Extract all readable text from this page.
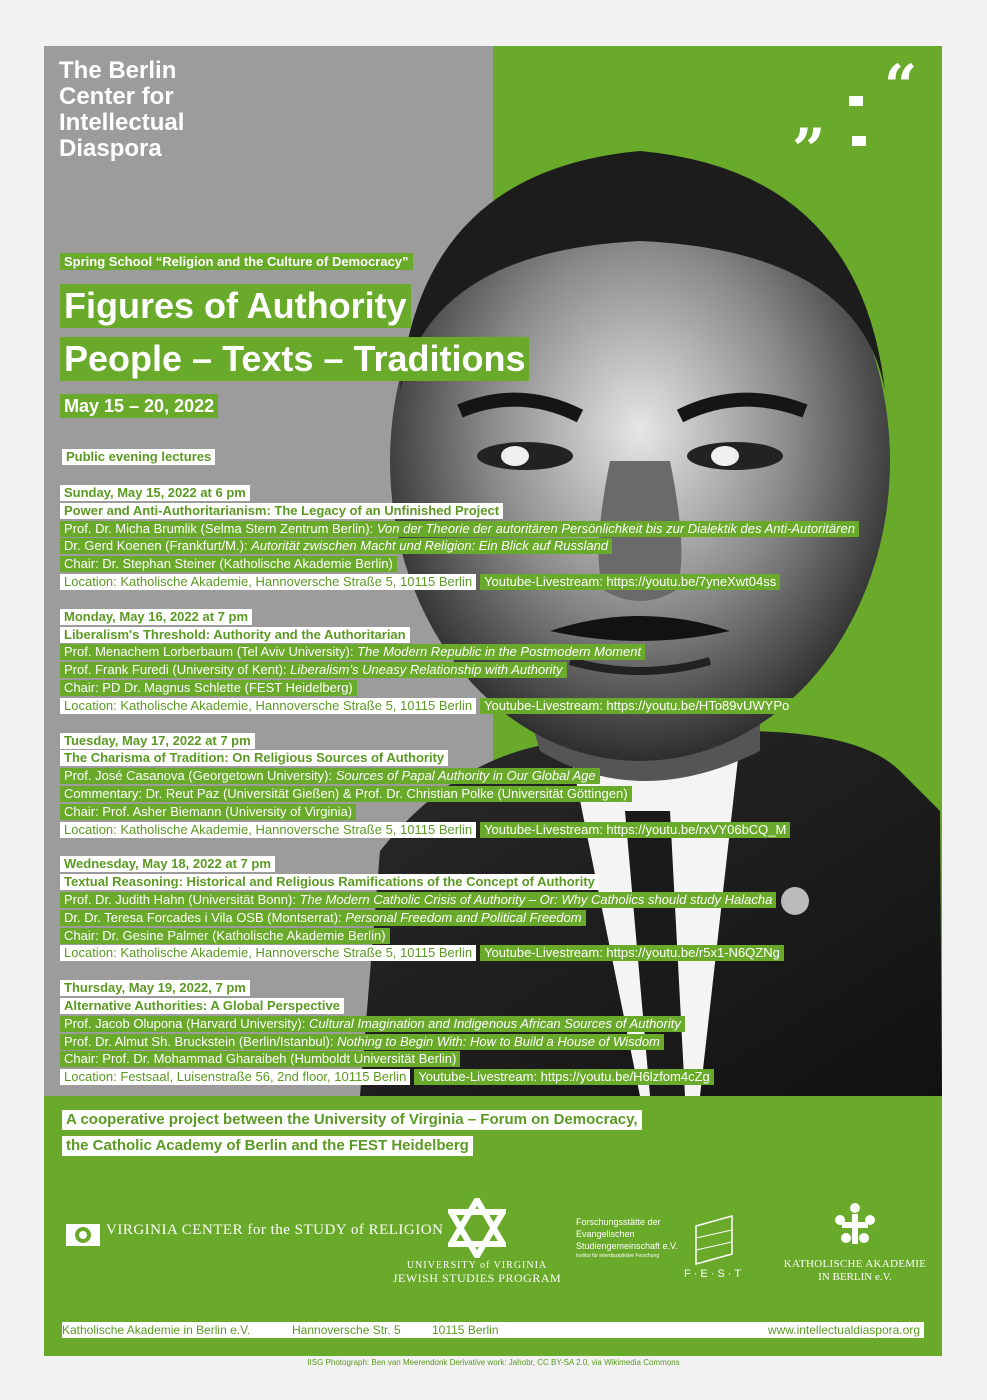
The Berlin Center for Intellectual Diaspora
“
”
Spring School “Religion and the Culture of Democracy”
Figures of Authority
People – Texts – Traditions
May 15 – 20, 2022
Public evening lectures
Sunday, May 15, 2022 at 6 pm
Power and Anti-Authoritarianism: The Legacy of an Unfinished Project
Prof. Dr. Micha Brumlik (Selma Stern Zentrum Berlin): Von der Theorie der autoritären Persönlichkeit bis zur Dialektik des Anti-Autoritären
Dr. Gerd Koenen (Frankfurt/M.): Autorität zwischen Macht und Religion: Ein Blick auf Russland
Chair: Dr. Stephan Steiner (Katholische Akademie Berlin)
Location: Katholische Akademie, Hannoversche Straße 5, 10115 Berlin Youtube-Livestream: https://youtu.be/7yneXwt04ss
Monday, May 16, 2022 at 7 pm
Liberalism's Threshold: Authority and the Authoritarian
Prof. Menachem Lorberbaum (Tel Aviv University): The Modern Republic in the Postmodern Moment
Prof. Frank Furedi (University of Kent): Liberalism’s Uneasy Relationship with Authority
Chair: PD Dr. Magnus Schlette (FEST Heidelberg)
Location: Katholische Akademie, Hannoversche Straße 5, 10115 Berlin Youtube-Livestream: https://youtu.be/HTo89vUWYPo
Tuesday, May 17, 2022 at 7 pm
The Charisma of Tradition: On Religious Sources of Authority
Prof. José Casanova (Georgetown University): Sources of Papal Authority in Our Global Age
Commentary: Dr. Reut Paz (Universität Gießen) & Prof. Dr. Christian Polke (Universität Göttingen)
Chair: Prof. Asher Biemann (University of Virginia)
Location: Katholische Akademie, Hannoversche Straße 5, 10115 Berlin Youtube-Livestream: https://youtu.be/rxVY06bCQ_M
Wednesday, May 18, 2022 at 7 pm
Textual Reasoning: Historical and Religious Ramifications of the Concept of Authority
Prof. Dr. Judith Hahn (Universität Bonn): The Modern Catholic Crisis of Authority – Or: Why Catholics should study Halacha
Dr. Dr. Teresa Forcades i Vila OSB (Montserrat): Personal Freedom and Political Freedom
Chair: Dr. Gesine Palmer (Katholische Akademie Berlin)
Location: Katholische Akademie, Hannoversche Straße 5, 10115 Berlin Youtube-Livestream: https://youtu.be/r5x1-N6QZNg
Thursday, May 19, 2022, 7 pm
Alternative Authorities: A Global Perspective
Prof. Jacob Olupona (Harvard University): Cultural Imagination and Indigenous African Sources of Authority
Prof. Dr. Almut Sh. Bruckstein (Berlin/Istanbul): Nothing to Begin With: How to Build a House of Wisdom
Chair: Prof. Dr. Mohammad Gharaibeh (Humboldt Universität Berlin)
Location: Festsaal, Luisenstraße 56, 2nd floor, 10115 Berlin Youtube-Livestream: https://youtu.be/H6lzfom4cZg
A cooperative project between the University of Virginia – Forum on Democracy,
the Catholic Academy of Berlin and the FEST Heidelberg
VIRGINIA CENTER for the STUDY of RELIGION
UNIVERSITY of VIRGINIA
JEWISH STUDIES PROGRAM
Forschungsstätte der
Evangelischen
Studiengemeinschaft e.V.
Institut für interdisziplinäre Forschung
F·E·S·T
KATHOLISCHE AKADEMIE
IN BERLIN e.V.
Katholische Akademie in Berlin e.V.	Hannoversche Str. 5	10115 Berlin	www.intellectualdiaspora.org
IISG Photograph: Ben van Meerendonk Derivative work: Jahobr, CC BY-SA 2.0, via Wikimedia Commons
